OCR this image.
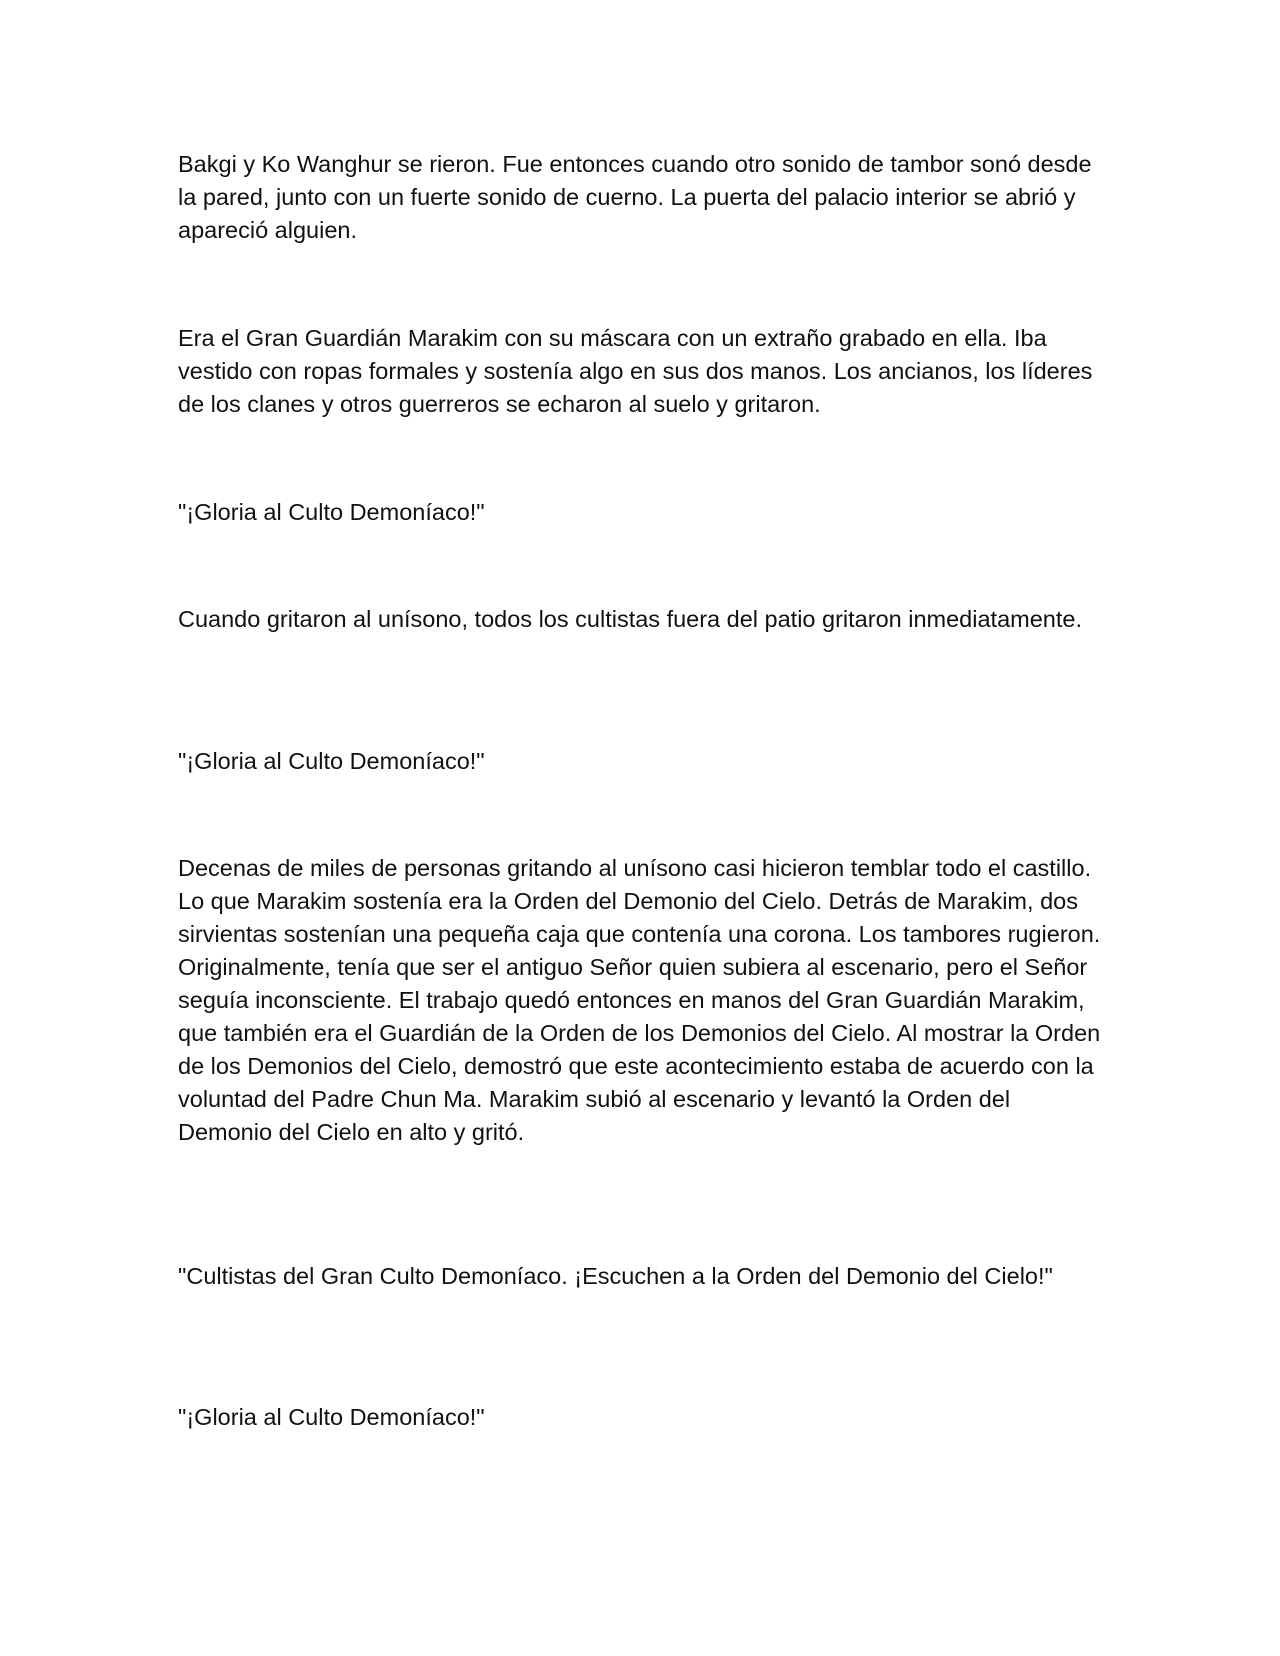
Bakgi y Ko Wanghur se rieron. Fue entonces cuando otro sonido de tambor sonó desde la pared, junto con un fuerte sonido de cuerno. La puerta del palacio interior se abrió y apareció alguien.

Era el Gran Guardián Marakim con su máscara con un extraño grabado en ella. Iba vestido con ropas formales y sostenía algo en sus dos manos. Los ancianos, los líderes de los clanes y otros guerreros se echaron al suelo y gritaron.

"¡Gloria al Culto Demoníaco!"

Cuando gritaron al unísono, todos los cultistas fuera del patio gritaron inmediatamente.

"¡Gloria al Culto Demoníaco!"

Decenas de miles de personas gritando al unísono casi hicieron temblar todo el castillo. Lo que Marakim sostenía era la Orden del Demonio del Cielo. Detrás de Marakim, dos sirvientas sostenían una pequeña caja que contenía una corona. Los tambores rugieron. Originalmente, tenía que ser el antiguo Señor quien subiera al escenario, pero el Señor seguía inconsciente. El trabajo quedó entonces en manos del Gran Guardián Marakim, que también era el Guardián de la Orden de los Demonios del Cielo. Al mostrar la Orden de los Demonios del Cielo, demostró que este acontecimiento estaba de acuerdo con la voluntad del Padre Chun Ma. Marakim subió al escenario y levantó la Orden del Demonio del Cielo en alto y gritó.

"Cultistas del Gran Culto Demoníaco. ¡Escuchen a la Orden del Demonio del Cielo!"

"¡Gloria al Culto Demoníaco!"
